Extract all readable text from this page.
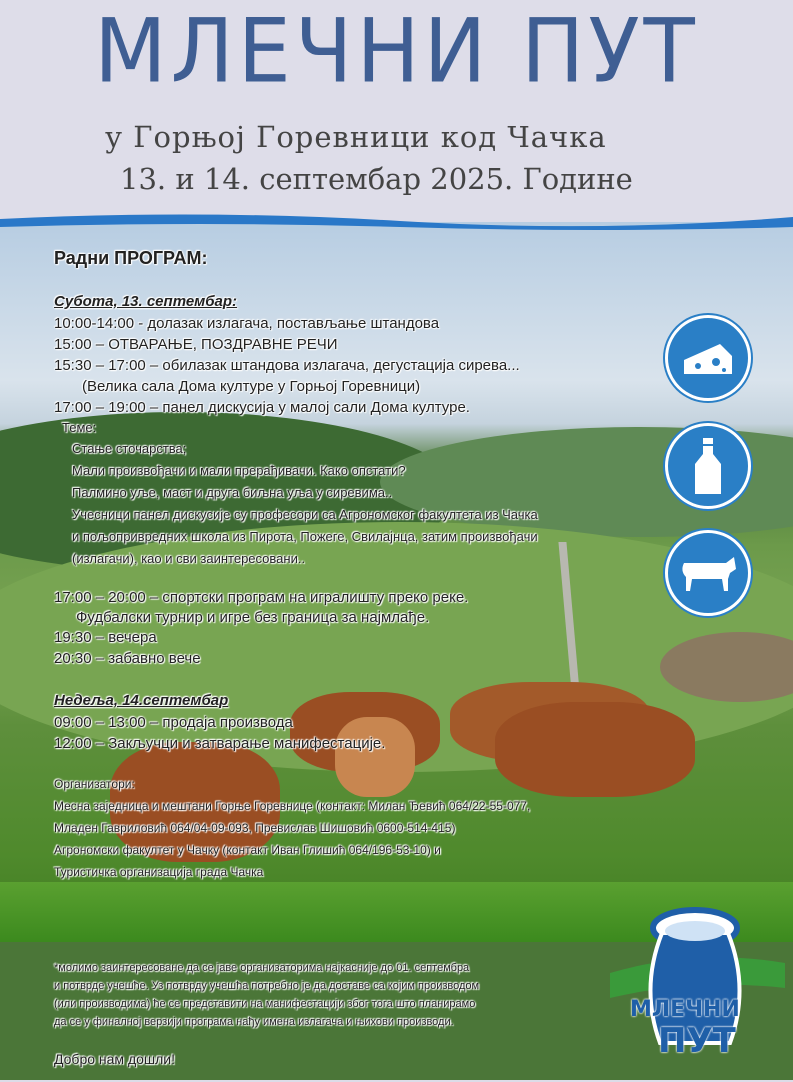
МЛЕЧНИ ПУТ
у Горњој Горевници код Чачка
13. и 14. септембар 2025. Године
Радни ПРОГРАМ:
Субота, 13. септембар:
10:00-14:00 - долазак излагача, постављање штандова
15:00 – ОТВАРАЊЕ, ПОЗДРАВНЕ РЕЧИ
15:30 – 17:00 – обилазак штандова излагача, дегустација сирева...
(Велика сала Дома културе у Горњој Горевници)
17:00 – 19:00 – панел дискусија у малој сали Дома културе.
Теме:
Стање сточарства;
Мали произвођачи и мали прерађивачи. Како опстати?
Палмино уље, маст и друга биљна уља у сиревима..
Учесници панел дискусије су професори са Агрономског факултета из Чачка
и пољопривредних школа из Пирота, Пожеге, Свилајнца, затим произвођачи
(излагачи), као и сви заинтересовани..
17:00 – 20:00 – спортски програм на игралишту преко реке.
Фудбалски турнир и игре без граница за најмлађе.
19:30 – вечера
20:30 – забавно вече
Недеља, 14.септембар
09:00 – 13:00 – продаја производа
12:00 – Закључци и затварање манифестације.
Организатори:
Месна заједница и мештани Горње Горевнице (контакт: Милан Ђевић 064/22-55-077,
Младен Гавриловић 064/04-09-093, Превислав Шишовић 0600-514-415)
Агрономски факултет у Чачку (контакт Иван Глишић 064/196-53-10) и
Туристичка организација града Чачка
*молимо заинтересоване да се јаве организаторима најкасније до 01. септембра
и потврде учешће. Уз потврду учешћа потребно је да доставе са којим производом
(или производима) ће се представити на манифестацији због тога што планирамо
да се у финалној верзији програма нађу имена излагача и њихови производи.
Добро нам дошли!
МЛЕЧНИ
ПУТ
